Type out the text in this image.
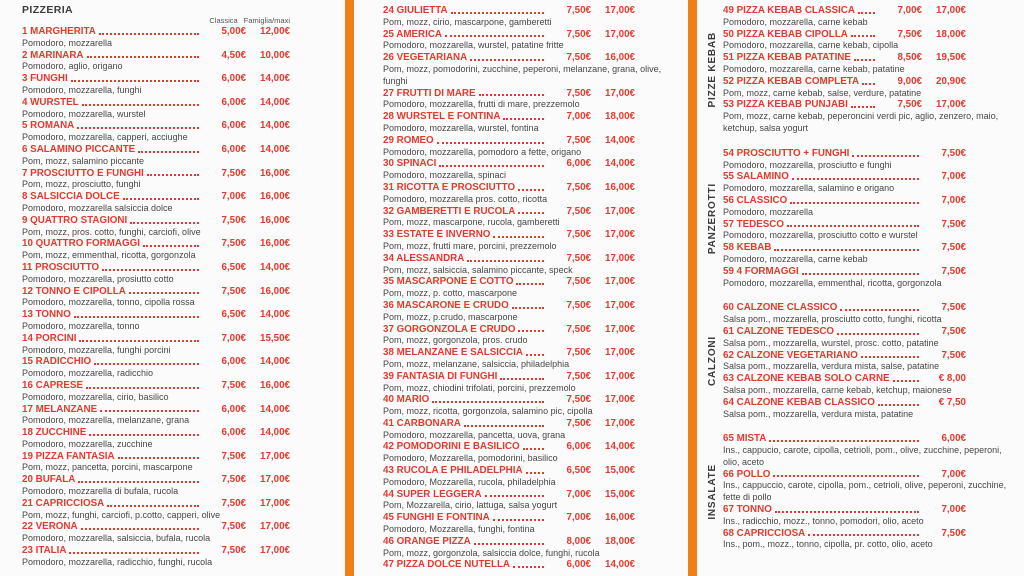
PIZZERIA
Classica Famiglia/maxi
1 MARGHERITA	5,00€	12,00€
Pomodoro, mozzarella
2 MARINARA	4,50€	10,00€
Pomodoro, aglio, origano
3 FUNGHI	6,00€	14,00€
Pomodoro, mozzarella, funghi
4 WURSTEL	6,00€	14,00€
Pomodoro, mozzarella, wurstel
5 ROMANA	6,00€	14,00€
Pomodoro, mozzarella, capperi, acciughe
6 SALAMINO PICCANTE	6,00€	14,00€
Pom, mozz, salamino piccante
7 PROSCIUTTO E FUNGHI	7,50€	16,00€
Pom, mozz, prosciutto, funghi
8 SALSICCIA DOLCE	7,00€	16,00€
Pomodoro, mozzarella salsiccia dolce
9 QUATTRO STAGIONI	7,50€	16,00€
Pom, mozz, pros. cotto, funghi, carciofi, olive
10 QUATTRO FORMAGGI	7,50€	16,00€
Pom, mozz, emmenthal, ricotta, gorgonzola
11 PROSCIUTTO	6,50€	14,00€
Pomodoro, mozzarella, prosiutto cotto
12 TONNO E CIPOLLA	7,50€	16,00€
Pomodoro, mozzarella, tonno, cipolla rossa
13 TONNO	6,50€	14,00€
Pomodoro, mozzarella, tonno
14 PORCINI	7,00€	15,50€
Pomodoro, mozzarella, funghi porcini
15 RADICCHIO	6,00€	14,00€
Pomodoro, mozzarella, radicchio
16 CAPRESE	7,50€	16,00€
Pomodoro, mozzarella, cirio, basilico
17 MELANZANE	6,00€	14,00€
Pomodoro, mozzarella, melanzane, grana
18 ZUCCHINE	6,00€	14,00€
Pomodoro, mozzarella, zucchine
19 PIZZA FANTASIA	7,50€	17,00€
Pom, mozz, pancetta, porcini, mascarpone
20 BUFALA	7,50€	17,00€
Pomodoro, mozzarella di bufala, rucola
21 CAPRICCIOSA	7,50€	17,00€
Pom, mozz, funghi, carciofi, p.cotto, capperi, olive
22 VERONA	7,50€	17,00€
Pomodoro, mozzarella, salsiccia, bufala, rucola
23 ITALIA	7,50€	17,00€
Pomodoro, mozzarella, radicchio, funghi, rucola
24 GIULIETTA	7,50€	17,00€
Pom, mozz, cirio, mascarpone, gamberetti
25 AMERICA	7,50€	17,00€
Pomodoro, mozzarella, wurstel, patatine fritte
26 VEGETARIANA	7,50€	16,00€
Pom, mozz, pomodorini, zucchine, peperoni, melanzane, grana, olive, funghi
27 FRUTTI DI MARE	7,50€	17,00€
Pomodoro, mozzarella, frutti di mare, prezzemolo
28 WURSTEL E FONTINA	7,00€	18,00€
Pomodoro, mozzarella, wurstel, fontina
29 ROMEO	7,50€	14,00€
Pomodoro, mozzarella, pomodoro a fette, origano
30 SPINACI	6,00€	14,00€
Pomodoro, mozzarella, spinaci
31 RICOTTA E PROSCIUTTO	7,50€	16,00€
Pomodoro, mozzarella pros. cotto, ricotta
32 GAMBERETTI E RUCOLA	7,50€	17,00€
Pom, mozz, mascarpone, rucola, gamberetti
33 ESTATE E INVERNO	7,50€	17,00€
Pom, mozz, frutti mare, porcini, prezzemolo
34 ALESSANDRA	7,50€	17,00€
Pom, mozz, salsiccia, salamino piccante, speck
35 MASCARPONE E COTTO	7,50€	17,00€
Pom, mozz, p. cotto, mascarpone
36 MASCARONE E CRUDO	7,50€	17,00€
Pom, mozz, p.crudo, mascarpone
37 GORGONZOLA E CRUDO	7,50€	17,00€
Pom, mozz, gorgonzola, pros. crudo
38 MELANZANE E SALSICCIA	7,50€	17,00€
Pom, mozz, melanzane, salsiccia, philadelphia
39 FANTASIA DI FUNGHI	7,50€	17,00€
Pom, mozz, chiodini trifolati, porcini, prezzemolo
40 MARIO	7,50€	17,00€
Pom, mozz, ricotta, gorgonzola, salamino pic, cipolla
41 CARBONARA	7,50€	17,00€
Pomodoro, mozzarella, pancetta, uova, grana
42 POMODORINI E BASILICO	6,00€	14,00€
Pomodoro, Mozzarella, pomodorini, basilico
43 RUCOLA E PHILADELPHIA	6,50€	15,00€
Pomodoro, Mozzarella, rucola, philadelphia
44 SUPER LEGGERA	7,00€	15,00€
Pom, Mozzarella, cirio, lattuga, salsa yogurt
45 FUNGHI E FONTINA	7,00€	16,00€
Pomodoro, Mozzarella, funghi, fontina
46 ORANGE PIZZA	8,00€	18,00€
Pom, mozz, gorgonzola, salsiccia dolce, funghi, rucola
47 PIZZA DOLCE NUTELLA	6,00€	14,00€
PIZZE KEBAB
49 PIZZA KEBAB CLASSICA	7,00€	17,00€
Pomodoro, mozzarella, carne kebab
50 PIZZA KEBAB CIPOLLA	7,50€	18,00€
Pomodoro, mozzarella, carne kebab, cipolla
51 PIZZA KEBAB PATATINE	8,50€	19,50€
Pomodoro, mozzarella, carne kebab, patatine
52 PIZZA KEBAB COMPLETA	9,00€	20,90€
Pom, mozz, carne kebab, salse, verdure, patatine
53 PIZZA KEBAB PUNJABI	7,50€	17,00€
Pom, mozz, carne kebab, peperoncini verdi pic, aglio, zenzero, maio, ketchup, salsa yogurt
PANZEROTTI
54 PROSCIUTTO + FUNGHI	7,50€
Pomodoro, mozzarella, prosciutto e funghi
55 SALAMINO	7,00€
Pomodoro, mozzarella, salamino e origano
56 CLASSICO	7,00€
Pomodoro, mozzarella
57 TEDESCO	7,50€
Pomodoro, mozzarella, prosciutto cotto e wurstel
58 KEBAB	7,50€
Pomodoro, mozzarella, carne kebab
59 4 FORMAGGI	7,50€
Pomodoro, mozzarella, emmenthal, ricotta, gorgonzola
CALZONI
60 CALZONE CLASSICO	7,50€
Salsa pom., mozzarella, prosciutto cotto, funghi, ricotta
61 CALZONE TEDESCO	7,50€
Salsa pom., mozzarella, wurstel, prosc. cotto, patatine
62 CALZONE VEGETARIANO	7,50€
Salsa pom., mozzarella, verdura mista, salse, patatine
63 CALZONE KEBAB SOLO CARNE	€ 8,00
Salsa pom., mozzarella, carne kebab, ketchup, maionese
64 CALZONE KEBAB CLASSICO	€ 7,50
Salsa pom., mozzarella, verdura mista, patatine
INSALATE
65 MISTA	6,00€
Ins., cappucio, carote, cipolla, cetrioli, pom., olive, zucchine, peperoni, olio, aceto
66 POLLO	7,00€
Ins., cappuccio, carote, cipolla, pom., cetrioli, olive, peperoni, zucchine, fette di pollo
67 TONNO	7,00€
Ins., radicchio, mozz., tonno, pomodori, olio, aceto
68 CAPRICCIOSA	7,50€
Ins., pom., mozz., tonno, cipolla, pr. cotto, olio, aceto
